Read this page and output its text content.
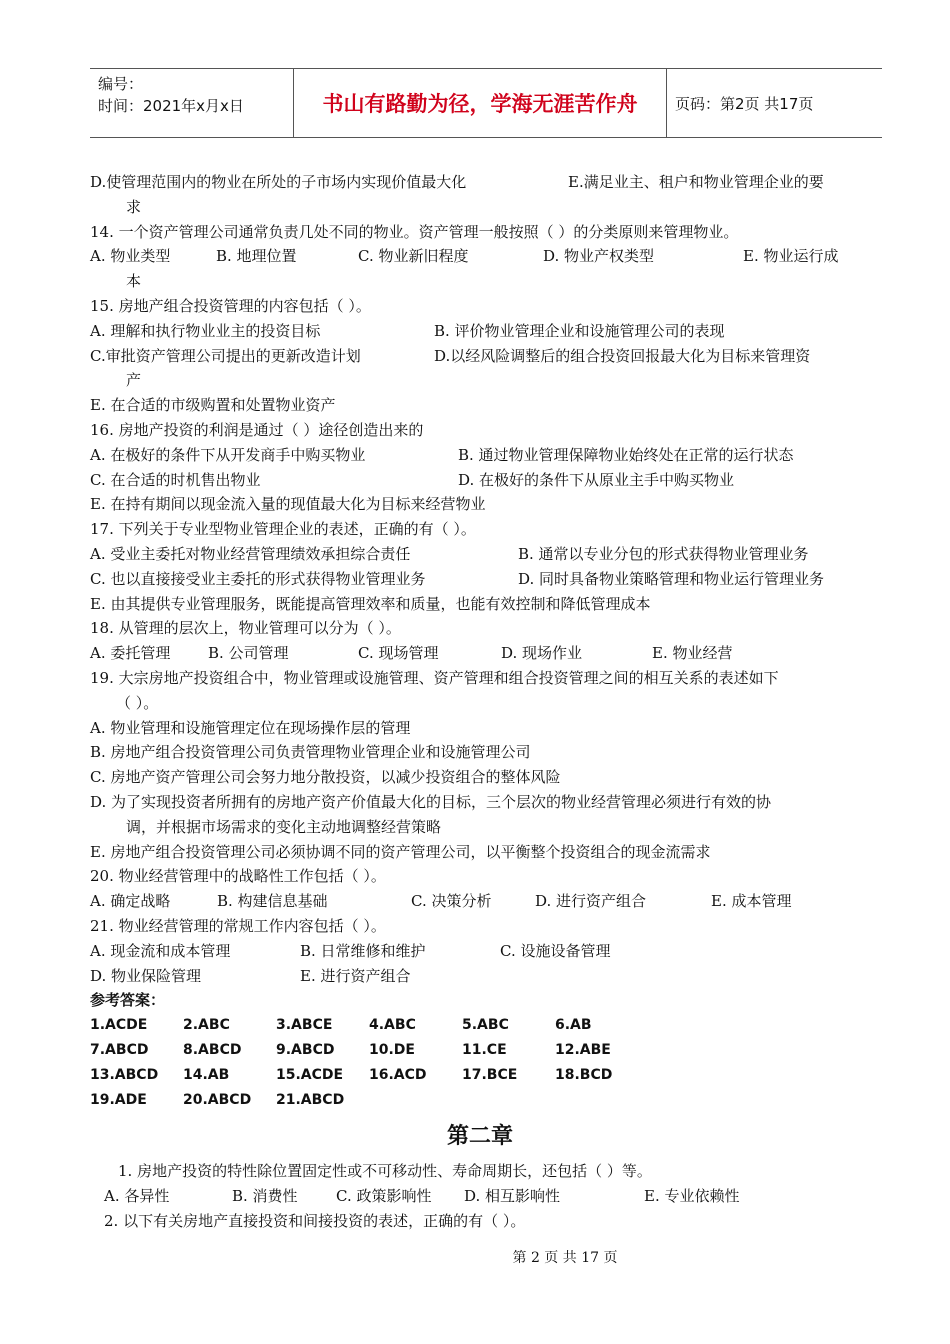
编号：
时间：2021年x月x日	书山有路勤为径，学海无涯苦作舟	页码：第2页 共17页
D.使管理范围内的物业在所处的子市场内实现价值最大化	E.满足业主、租户和物业管理企业的要
求
14. 一个资产管理公司通常负责几处不同的物业。资产管理一般按照（ ）的分类原则来管理物业。
A. 物业类型	B. 地理位置	C. 物业新旧程度	D. 物业产权类型	E. 物业运行成
本
15. 房地产组合投资管理的内容包括（ ）。
A. 理解和执行物业业主的投资目标	B. 评价物业管理企业和设施管理公司的表现
C.审批资产管理公司提出的更新改造计划	D.以经风险调整后的组合投资回报最大化为目标来管理资
产
E. 在合适的市级购置和处置物业资产
16. 房地产投资的利润是通过（ ）途径创造出来的
A. 在极好的条件下从开发商手中购买物业	B. 通过物业管理保障物业始终处在正常的运行状态
C. 在合适的时机售出物业	D. 在极好的条件下从原业主手中购买物业
E. 在持有期间以现金流入量的现值最大化为目标来经营物业
17. 下列关于专业型物业管理企业的表述，正确的有（ ）。
A. 受业主委托对物业经营管理绩效承担综合责任	B. 通常以专业分包的形式获得物业管理业务
C. 也以直接接受业主委托的形式获得物业管理业务	D. 同时具备物业策略管理和物业运行管理业务
E. 由其提供专业管理服务，既能提高管理效率和质量，也能有效控制和降低管理成本
18. 从管理的层次上，物业管理可以分为（ ）。
A. 委托管理	B. 公司管理	C. 现场管理	D. 现场作业	E. 物业经营
19. 大宗房地产投资组合中，物业管理或设施管理、资产管理和组合投资管理之间的相互关系的表述如下
（ ）。
A. 物业管理和设施管理定位在现场操作层的管理
B. 房地产组合投资管理公司负责管理物业管理企业和设施管理公司
C. 房地产资产管理公司会努力地分散投资，以减少投资组合的整体风险
D. 为了实现投资者所拥有的房地产资产价值最大化的目标，三个层次的物业经营管理必须进行有效的协
调，并根据市场需求的变化主动地调整经营策略
E. 房地产组合投资管理公司必须协调不同的资产管理公司，以平衡整个投资组合的现金流需求
20. 物业经营管理中的战略性工作包括（ ）。
A. 确定战略	B. 构建信息基础	C. 决策分析	D. 进行资产组合	E. 成本管理
21. 物业经营管理的常规工作内容包括（ ）。
A. 现金流和成本管理	B. 日常维修和维护	C. 设施设备管理
D. 物业保险管理	E. 进行资产组合
参考答案：
1.ACDE	2.ABC	3.ABCE	4.ABC	5.ABC	6.AB
7.ABCD	8.ABCD	9.ABCD	10.DE	11.CE	12.ABE
13.ABCD	14.AB	15.ACDE	16.ACD	17.BCE	18.BCD
19.ADE	20.ABCD	21.ABCD
第二章
1. 房地产投资的特性除位置固定性或不可移动性、寿命周期长，还包括（ ）等。
A. 各异性	B. 消费性	C. 政策影响性	D. 相互影响性	E. 专业依赖性
2. 以下有关房地产直接投资和间接投资的表述，正确的有（ ）。
第 2 页 共 17 页
